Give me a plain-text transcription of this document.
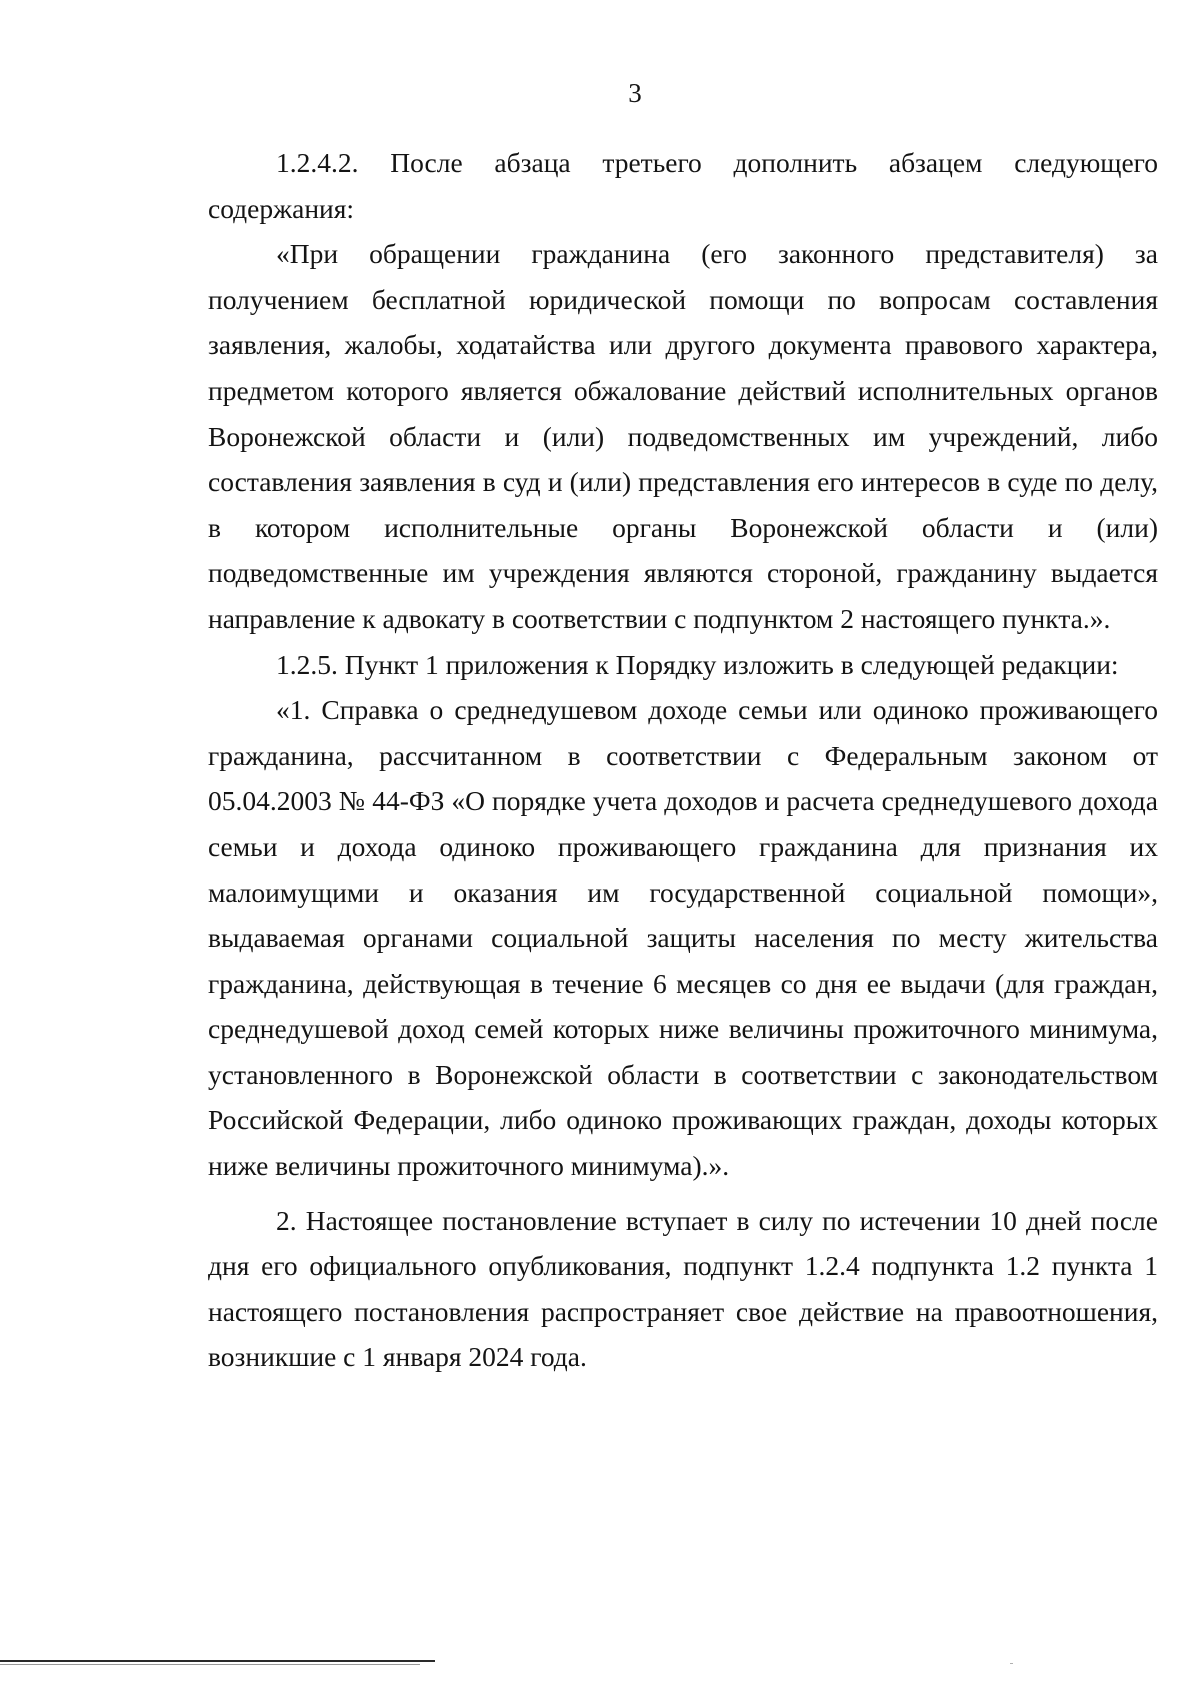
3

1.2.4.2. После абзаца третьего дополнить абзацем следующего содержания:

«При обращении гражданина (его законного представителя) за получением бесплатной юридической помощи по вопросам составления заявления, жалобы, ходатайства или другого документа правового характера, предметом которого является обжалование действий исполнительных органов Воронежской области и (или) подведомственных им учреждений, либо составления заявления в суд и (или) представления его интересов в суде по делу, в котором исполнительные органы Воронежской области и (или) подведомственные им учреждения являются стороной, гражданину выдается направление к адвокату в соответствии с подпунктом 2 настоящего пункта.».

1.2.5. Пункт 1 приложения к Порядку изложить в следующей редакции:

«1. Справка о среднедушевом доходе семьи или одиноко проживающего гражданина, рассчитанном в соответствии с Федеральным законом от 05.04.2003 № 44-ФЗ «О порядке учета доходов и расчета среднедушевого дохода семьи и дохода одиноко проживающего гражданина для признания их малоимущими и оказания им государственной социальной помощи», выдаваемая органами социальной защиты населения по месту жительства гражданина, действующая в течение 6 месяцев со дня ее выдачи (для граждан, среднедушевой доход семей которых ниже величины прожиточного минимума, установленного в Воронежской области в соответствии с законодательством Российской Федерации, либо одиноко проживающих граждан, доходы которых ниже величины прожиточного минимума).».

2. Настоящее постановление вступает в силу по истечении 10 дней после дня его официального опубликования, подпункт 1.2.4 подпункта 1.2 пункта 1 настоящего постановления распространяет свое действие на правоотношения, возникшие с 1 января 2024 года.
